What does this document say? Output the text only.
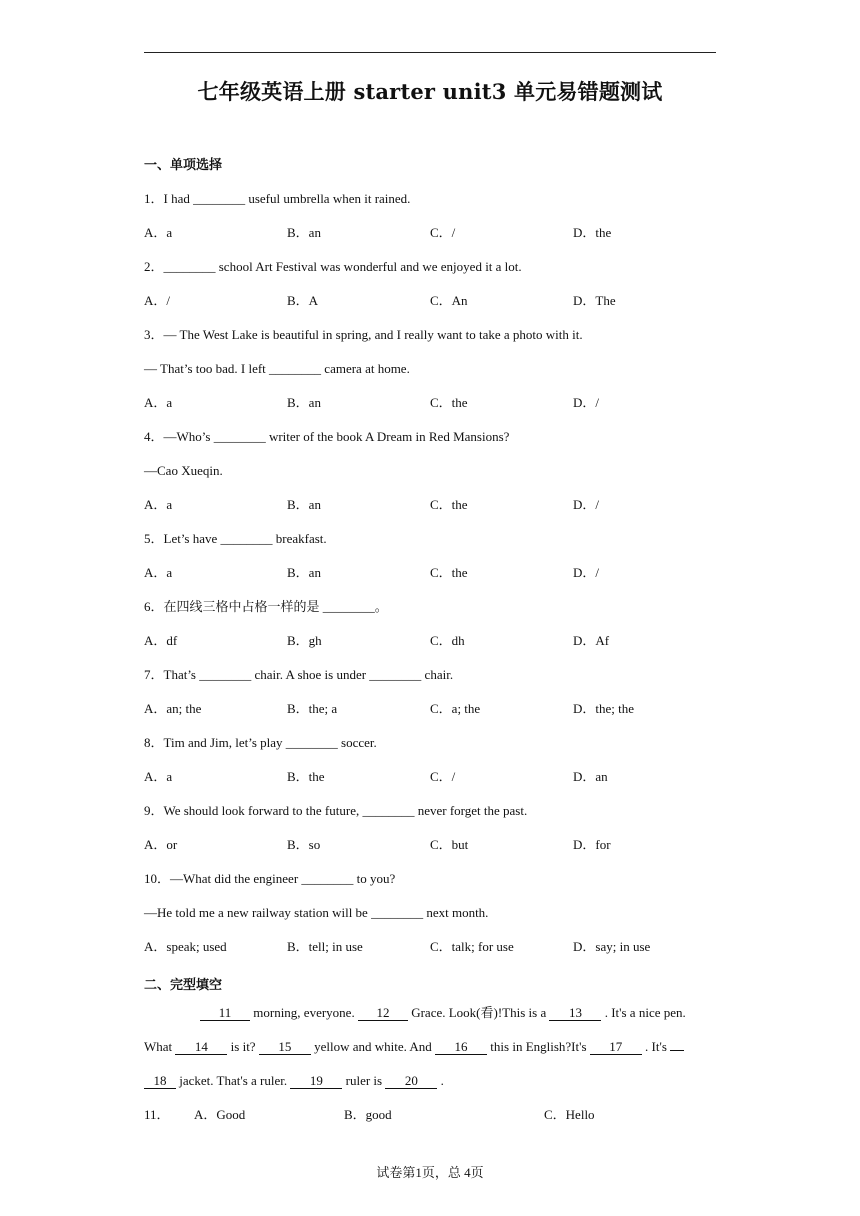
七年级英语上册 starter unit3 单元易错题测试
一、单项选择
1．I had ________ useful umbrella when it rained.
A．a	B．an	C．/	D．the
2．________ school Art Festival was wonderful and we enjoyed it a lot.
A．/	B．A	C．An	D．The
3．— The West Lake is beautiful in spring, and I really want to take a photo with it.
— That’s too bad. I left ________ camera at home.
A．a	B．an	C．the	D．/
4．—Who’s ________ writer of the book A Dream in Red Mansions?
—Cao Xueqin.
A．a	B．an	C．the	D．/
5．Let’s have ________ breakfast.
A．a	B．an	C．the	D．/
6．在四线三格中占格一样的是 ________。
A．df	B．gh	C．dh	D．Af
7．That’s ________ chair. A shoe is under ________ chair.
A．an; the	B．the; a	C．a; the	D．the; the
8．Tim and Jim, let’s play ________ soccer.
A．a	B．the	C．/	D．an
9．We should look forward to the future, ________ never forget the past.
A．or	B．so	C．but	D．for
10．—What did the engineer ________ to you?
—He told me a new railway station will be ________ next month.
A．speak; used	B．tell; in use	C．talk; for use	D．say; in use
二、完型填空

11 morning, everyone. 12 Grace. Look(看)!This is a 13 . It's a nice pen.

What 14 is it? 15 yellow and white. And 16 this in English?It's 17 . It's

18 jacket. That's a ruler. 19 ruler is 20 .

11．	A．Good	B．good	C．Hello
试卷第1页，总 4页
